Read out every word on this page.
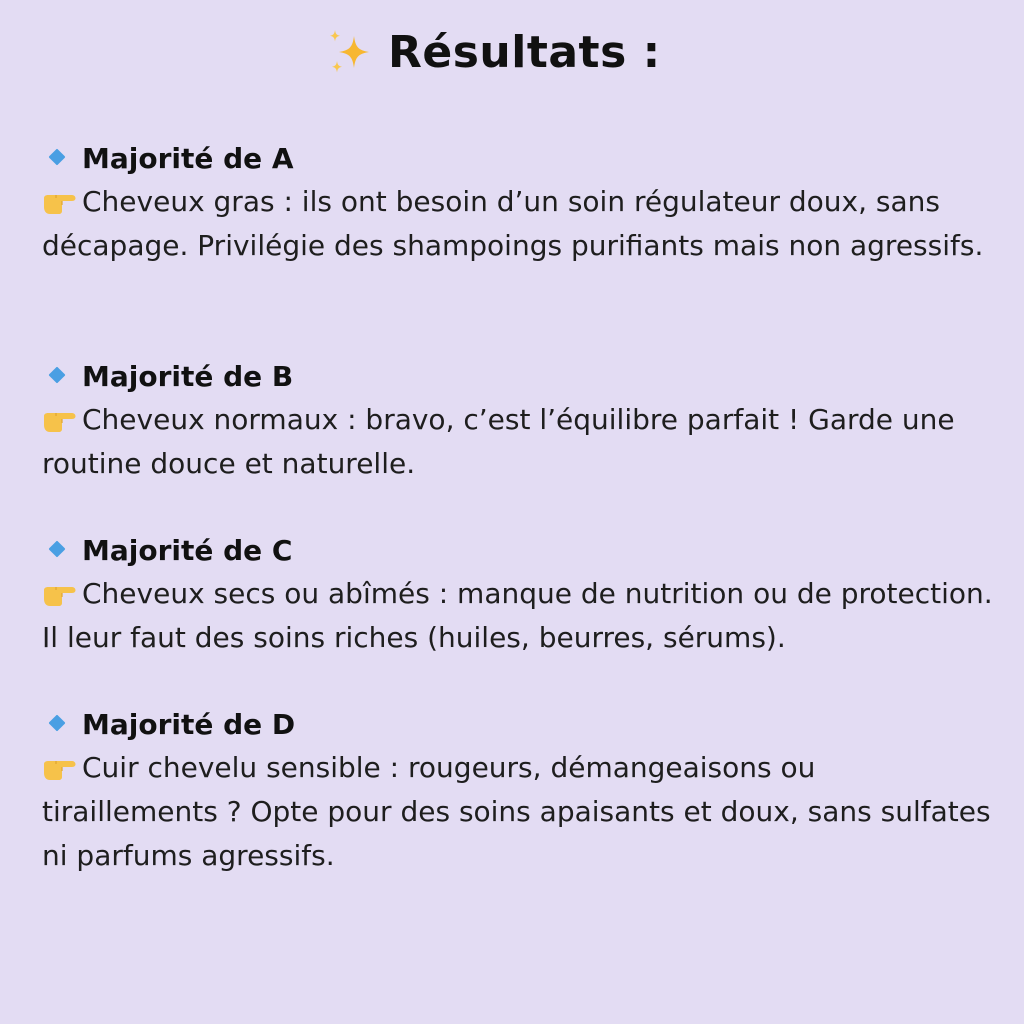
Résultats :
Majorité de A

Cheveux gras : ils ont besoin d’un soin régulateur doux, sans décapage. Privilégie des shampoings purifiants mais non agressifs.

Majorité de B

Cheveux normaux : bravo, c’est l’équilibre parfait ! Garde une routine douce et naturelle.

Majorité de C

Cheveux secs ou abîmés : manque de nutrition ou de protection. Il leur faut des soins riches (huiles, beurres, sérums).

Majorité de D

Cuir chevelu sensible : rougeurs, démangeaisons ou tiraillements ? Opte pour des soins apaisants et doux, sans sulfates ni parfums agressifs.
